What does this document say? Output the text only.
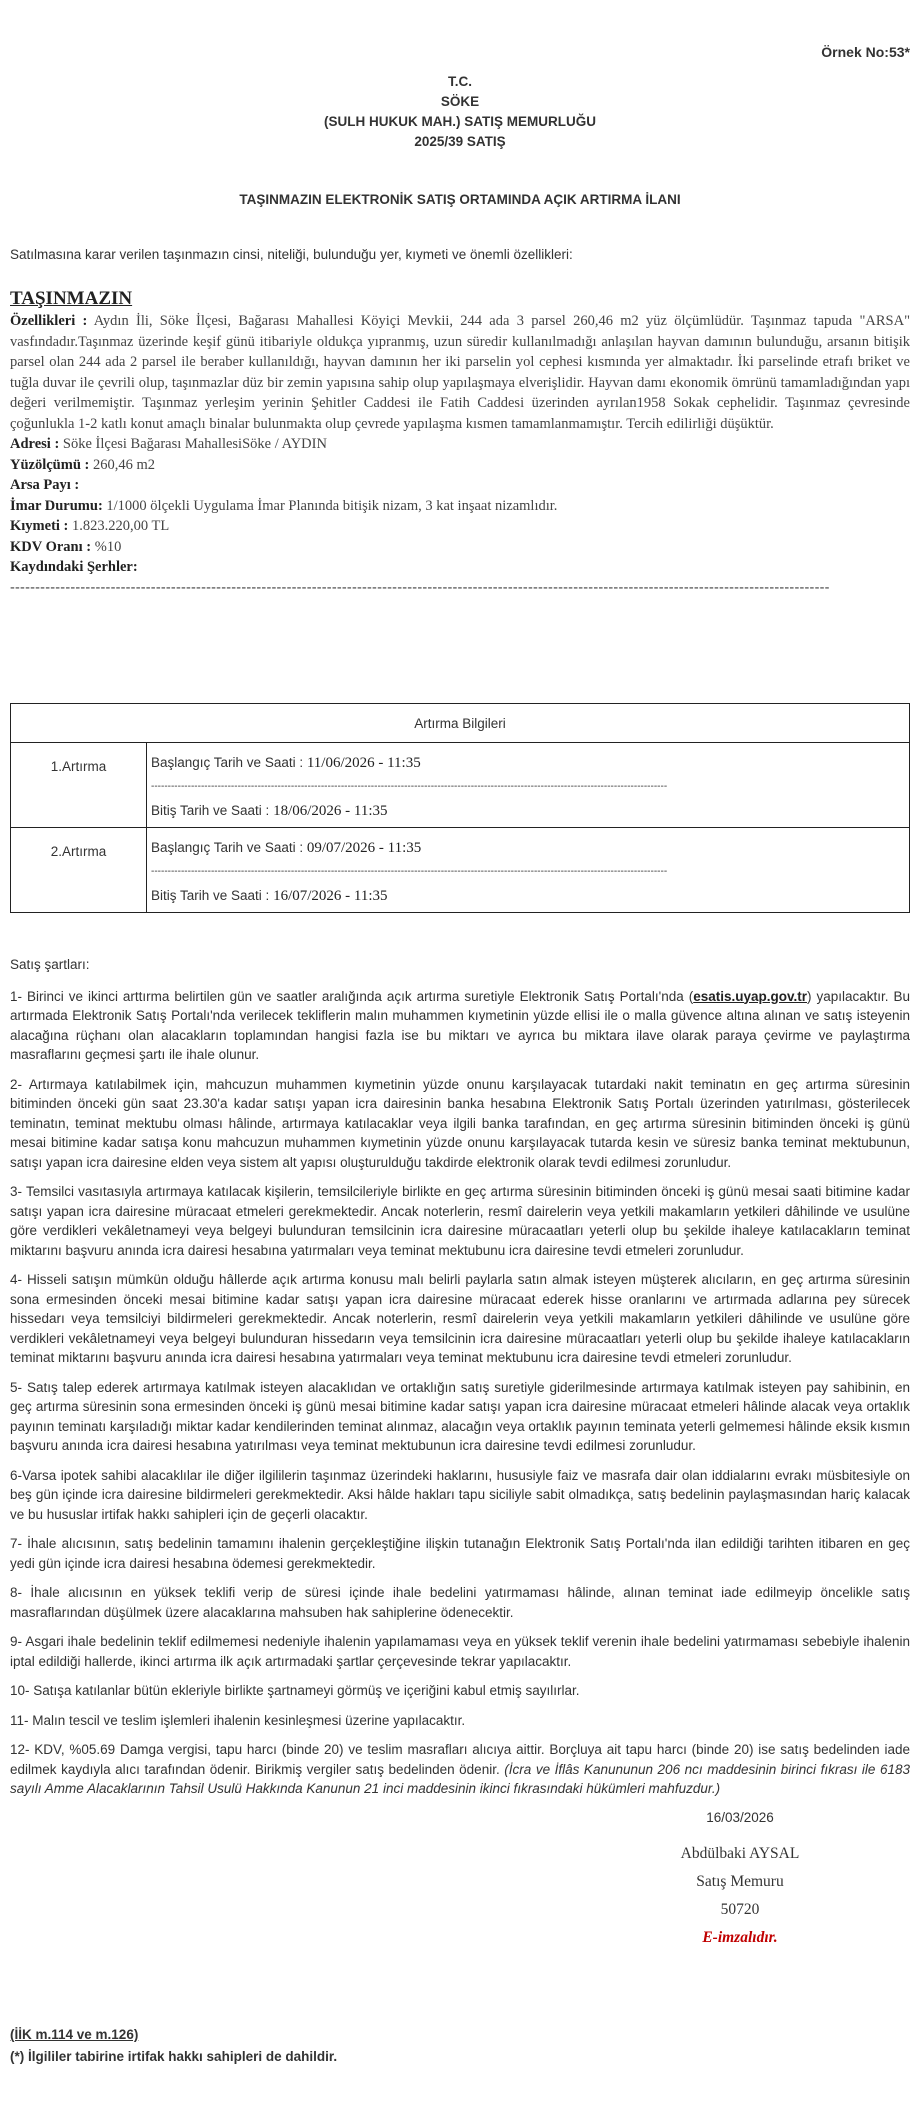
Örnek No:53*
T.C.
SÖKE
(SULH HUKUK MAH.) SATIŞ MEMURLUĞU
2025/39 SATIŞ
TAŞINMAZIN ELEKTRONİK SATIŞ ORTAMINDA AÇIK ARTIRMA İLANI
Satılmasına karar verilen taşınmazın cinsi, niteliği, bulunduğu yer, kıymeti ve önemli özellikleri:
TAŞINMAZIN

Özellikleri : Aydın İli, Söke İlçesi, Bağarası Mahallesi Köyiçi Mevkii, 244 ada 3 parsel 260,46 m2 yüz ölçümlüdür. Taşınmaz tapuda "ARSA" vasfındadır.Taşınmaz üzerinde keşif günü itibariyle oldukça yıpranmış, uzun süredir kullanılmadığı anlaşılan hayvan damının bulunduğu, arsanın bitişik parsel olan 244 ada 2 parsel ile beraber kullanıldığı, hayvan damının her iki parselin yol cephesi kısmında yer almaktadır. İki parselinde etrafı briket ve tuğla duvar ile çevrili olup, taşınmazlar düz bir zemin yapısına sahip olup yapılaşmaya elverişlidir. Hayvan damı ekonomik ömrünü tamamladığından yapı değeri verilmemiştir. Taşınmaz yerleşim yerinin Şehitler Caddesi ile Fatih Caddesi üzerinden ayrılan1958 Sokak cephelidir. Taşınmaz çevresinde çoğunlukla 1-2 katlı konut amaçlı binalar bulunmakta olup çevrede yapılaşma kısmen tamamlanmamıştır. Tercih edilirliği düşüktür.

Adresi : Söke İlçesi Bağarası MahallesiSöke / AYDIN

Yüzölçümü : 260,46 m2

Arsa Payı :

İmar Durumu: 1/1000 ölçekli Uygulama İmar Planında bitişik nizam, 3 kat inşaat nizamlıdır.

Kıymeti : 1.823.220,00 TL

KDV Oranı : %10

Kaydındaki Şerhler:

-------------------------------------------------------------------------------------------------------------------------------------------------------------------
Artırma Bilgileri	
1.Artırma	Başlangıç Tarih ve Saati : 11/06/2026 - 11:35
-----------------------------------------------------------------------------------------------------------------------------------------------------------
Bitiş Tarih ve Saati : 18/06/2026 - 11:35

2.Artırma	Başlangıç Tarih ve Saati : 09/07/2026 - 11:35
-----------------------------------------------------------------------------------------------------------------------------------------------------------
Bitiş Tarih ve Saati : 16/07/2026 - 11:35

Satış şartları:

1- Birinci ve ikinci arttırma belirtilen gün ve saatler aralığında açık artırma suretiyle Elektronik Satış Portalı'nda (esatis.uyap.gov.tr) yapılacaktır. Bu artırmada Elektronik Satış Portalı'nda verilecek tekliflerin malın muhammen kıymetinin yüzde ellisi ile o malla güvence altına alınan ve satış isteyenin alacağına rüçhanı olan alacakların toplamından hangisi fazla ise bu miktarı ve ayrıca bu miktara ilave olarak paraya çevirme ve paylaştırma masraflarını geçmesi şartı ile ihale olunur.

2- Artırmaya katılabilmek için, mahcuzun muhammen kıymetinin yüzde onunu karşılayacak tutardaki nakit teminatın en geç artırma süresinin bitiminden önceki gün saat 23.30'a kadar satışı yapan icra dairesinin banka hesabına Elektronik Satış Portalı üzerinden yatırılması, gösterilecek teminatın, teminat mektubu olması hâlinde, artırmaya katılacaklar veya ilgili banka tarafından, en geç artırma süresinin bitiminden önceki iş günü mesai bitimine kadar satışa konu mahcuzun muhammen kıymetinin yüzde onunu karşılayacak tutarda kesin ve süresiz banka teminat mektubunun, satışı yapan icra dairesine elden veya sistem alt yapısı oluşturulduğu takdirde elektronik olarak tevdi edilmesi zorunludur.

3- Temsilci vasıtasıyla artırmaya katılacak kişilerin, temsilcileriyle birlikte en geç artırma süresinin bitiminden önceki iş günü mesai saati bitimine kadar satışı yapan icra dairesine müracaat etmeleri gerekmektedir. Ancak noterlerin, resmî dairelerin veya yetkili makamların yetkileri dâhilinde ve usulüne göre verdikleri vekâletnameyi veya belgeyi bulunduran temsilcinin icra dairesine müracaatları yeterli olup bu şekilde ihaleye katılacakların teminat miktarını başvuru anında icra dairesi hesabına yatırmaları veya teminat mektubunu icra dairesine tevdi etmeleri zorunludur.

4- Hisseli satışın mümkün olduğu hâllerde açık artırma konusu malı belirli paylarla satın almak isteyen müşterek alıcıların, en geç artırma süresinin sona ermesinden önceki mesai bitimine kadar satışı yapan icra dairesine müracaat ederek hisse oranlarını ve artırmada adlarına pey sürecek hissedarı veya temsilciyi bildirmeleri gerekmektedir. Ancak noterlerin, resmî dairelerin veya yetkili makamların yetkileri dâhilinde ve usulüne göre verdikleri vekâletnameyi veya belgeyi bulunduran hissedarın veya temsilcinin icra dairesine müracaatları yeterli olup bu şekilde ihaleye katılacakların teminat miktarını başvuru anında icra dairesi hesabına yatırmaları veya teminat mektubunu icra dairesine tevdi etmeleri zorunludur.

5- Satış talep ederek artırmaya katılmak isteyen alacaklıdan ve ortaklığın satış suretiyle giderilmesinde artırmaya katılmak isteyen pay sahibinin, en geç artırma süresinin sona ermesinden önceki iş günü mesai bitimine kadar satışı yapan icra dairesine müracaat etmeleri hâlinde alacak veya ortaklık payının teminatı karşıladığı miktar kadar kendilerinden teminat alınmaz, alacağın veya ortaklık payının teminata yeterli gelmemesi hâlinde eksik kısmın başvuru anında icra dairesi hesabına yatırılması veya teminat mektubunun icra dairesine tevdi edilmesi zorunludur.

6-Varsa ipotek sahibi alacaklılar ile diğer ilgililerin taşınmaz üzerindeki haklarını, hususiyle faiz ve masrafa dair olan iddialarını evrakı müsbitesiyle on beş gün içinde icra dairesine bildirmeleri gerekmektedir. Aksi hâlde hakları tapu siciliyle sabit olmadıkça, satış bedelinin paylaşmasından hariç kalacak ve bu hususlar irtifak hakkı sahipleri için de geçerli olacaktır.

7- İhale alıcısının, satış bedelinin tamamını ihalenin gerçekleştiğine ilişkin tutanağın Elektronik Satış Portalı'nda ilan edildiği tarihten itibaren en geç yedi gün içinde icra dairesi hesabına ödemesi gerekmektedir.

8- İhale alıcısının en yüksek teklifi verip de süresi içinde ihale bedelini yatırmaması hâlinde, alınan teminat iade edilmeyip öncelikle satış masraflarından düşülmek üzere alacaklarına mahsuben hak sahiplerine ödenecektir.

9- Asgari ihale bedelinin teklif edilmemesi nedeniyle ihalenin yapılamaması veya en yüksek teklif verenin ihale bedelini yatırmaması sebebiyle ihalenin iptal edildiği hallerde, ikinci artırma ilk açık artırmadaki şartlar çerçevesinde tekrar yapılacaktır.

10- Satışa katılanlar bütün ekleriyle birlikte şartnameyi görmüş ve içeriğini kabul etmiş sayılırlar.

11- Malın tescil ve teslim işlemleri ihalenin kesinleşmesi üzerine yapılacaktır.

12- KDV, %05.69 Damga vergisi, tapu harcı (binde 20) ve teslim masrafları alıcıya aittir. Borçluya ait tapu harcı (binde 20) ise satış bedelinden iade edilmek kaydıyla alıcı tarafından ödenir. Birikmiş vergiler satış bedelinden ödenir. (İcra ve İflâs Kanununun 206 ncı maddesinin birinci fıkrası ile 6183 sayılı Amme Alacaklarının Tahsil Usulü Hakkında Kanunun 21 inci maddesinin ikinci fıkrasındaki hükümleri mahfuzdur.)

16/03/2026
Abdülbaki AYSAL
Satış Memuru
50720
E-imzalıdır.
(İİK m.114 ve m.126)
(*) İlgililer tabirine irtifak hakkı sahipleri de dahildir.
